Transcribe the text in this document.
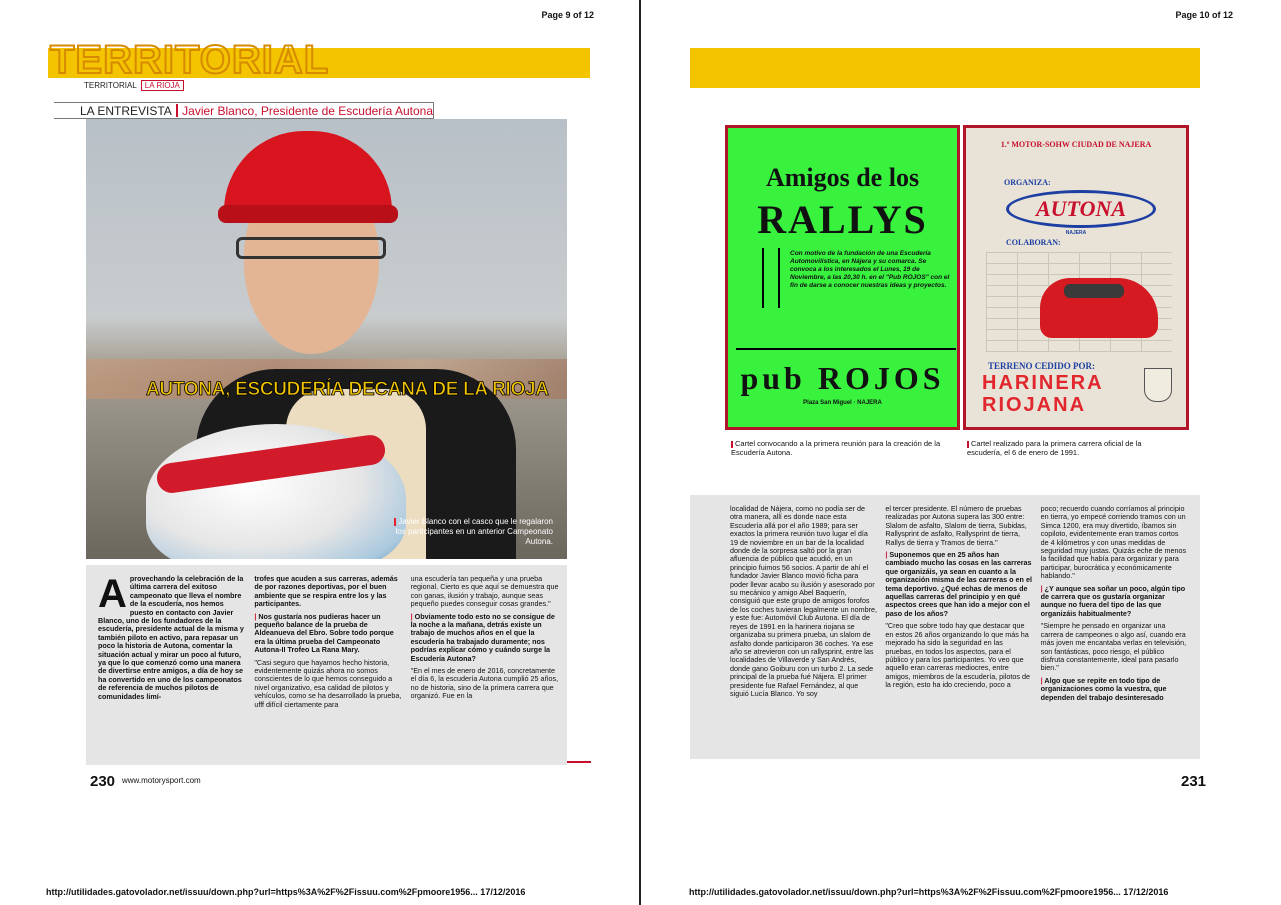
Page 9 of 12
TERRITORIAL
TERRITORIAL	LA RIOJA
LA ENTREVISTA Javier Blanco, Presidente de Escudería Autona
AUTONA, ESCUDERÍA DECANA DE LA RIOJA
Javier Blanco con el casco que le regalaron los participantes en un anterior Campeonato Autona.
A provechando la celebración de la última carrera del exitoso campeonato que lleva el nombre de la escudería, nos hemos puesto en contacto con Javier Blanco, uno de los fundadores de la escudería, presidente actual de la misma y también piloto en activo, para repasar un poco la historia de Autona, comentar la situación actual y mirar un poco al futuro, ya que lo que comenzó como una manera de divertirse entre amigos, a día de hoy se ha convertido en uno de los campeonatos de referencia de muchos pilotos de comunidades limí-

trofes que acuden a sus carreras, además de por razones deportivas, por el buen ambiente que se respira entre los y las participantes.

| Nos gustaría nos pudieras hacer un pequeño balance de la prueba de Aldeanueva del Ebro. Sobre todo porque era la última prueba del Campeonato Autona-II Trofeo La Rana Mary.

"Casi seguro que hayamos hecho historia, evidentemente quizás ahora no somos conscientes de lo que hemos conseguido a nivel organizativo, esa calidad de pilotos y vehículos, como se ha desarrollado la prueba, ufff difícil ciertamente para

una escudería tan pequeña y una prueba regional. Cierto es que aquí se demuestra que con ganas, ilusión y trabajo, aunque seas pequeño puedes conseguir cosas grandes."

| Obviamente todo esto no se consigue de la noche a la mañana, detrás existe un trabajo de muchos años en el que la escudería ha trabajado duramente; nos podrías explicar cómo y cuándo surge la Escudería Autona?

"En el mes de enero de 2016, concretamente el día 6, la escudería Autona cumplió 25 años, no de historia, sino de la primera carrera que organizó. Fue en la

230 www.motorysport.com
http://utilidades.gatovolador.net/issuu/down.php?url=https%3A%2F%2Fissuu.com%2Fpmoore1956... 17/12/2016
Page 10 of 12
Amigos de los
RALLYS
Con motivo de la fundación de una Escudería Automovilística, en Nájera y su comarca. Se convoca a los interesados el Lunes, 19 de Noviembre, a las 20,30 h. en el "Pub ROJOS" con el fin de darse a conocer nuestras ideas y proyectos.
pub ROJOS
Plaza San Miguel · NAJERA
1.º MOTOR-SOHW CIUDAD DE NAJERA
ORGANIZA:
AUTONA
NAJERA
COLABORAN:
TERRENO CEDIDO POR:
HARINERA
RIOJANA
Cartel convocando a la primera reunión para la creación de la Escudería Autona.
Cartel realizado para la primera carrera oficial de la escudería, el 6 de enero de 1991.

localidad de Nájera, como no podía ser de otra manera, allí es donde nace esta Escudería allá por el año 1989; para ser exactos la primera reunión tuvo lugar el día 19 de noviembre en un bar de la localidad donde de la sorpresa saltó por la gran afluencia de público que acudió, en un principio fuimos 56 socios. A partir de ahí el fundador Javier Blanco movió ficha para poder llevar acabo su ilusión y asesorado por su mecánico y amigo Abel Baquerín, consiguió que este grupo de amigos forofos de los coches tuvieran legalmente un nombre, y este fue: Automóvil Club Autona. El día de reyes de 1991 en la harinera riojana se organizaba su primera prueba, un slalom de asfalto donde participaron 36 coches. Ya ese año se atrevieron con un rallysprint, entre las localidades de Villaverde y San Andrés, donde gano Goiburu con un turbo 2. La sede principal de la prueba fué Nájera. El primer presidente fue Rafael Fernández, al que siguió Lucía Blanco. Yo soy

el tercer presidente. El número de pruebas realizadas por Autona supera las 300 entre: Slalom de asfalto, Slalom de tierra, Subidas, Rallysprint de asfalto, Rallysprint de tierra, Rallys de tierra y Tramos de tierra."

| Suponemos que en 25 años han cambiado mucho las cosas en las carreras que organizáis, ya sean en cuanto a la organización misma de las carreras o en el tema deportivo. ¿Qué echas de menos de aquellas carreras del principio y en qué aspectos crees que han ido a mejor con el paso de los años?

"Creo que sobre todo hay que destacar que en estos 26 años organizando lo que más ha mejorado ha sido la seguridad en las pruebas, en todos los aspectos, para el público y para los participantes. Yo veo que aquello eran carreras mediocres, entre amigos, miembros de la escudería, pilotos de la región, esto ha ido creciendo, poco a

poco; recuerdo cuando corríamos al principio en tierra, yo empecé corriendo tramos con un Simca 1200, era muy divertido, íbamos sin copiloto, evidentemente eran tramos cortos de 4 kilómetros y con unas medidas de seguridad muy justas. Quizás eche de menos la facilidad que había para organizar y para participar, burocrática y económicamente hablando."

| ¿Y aunque sea soñar un poco, algún tipo de carrera que os gustaría organizar aunque no fuera del tipo de las que organizáis habitualmente?

"Siempre he pensado en organizar una carrera de campeones o algo así, cuando era más joven me encantaba verlas en televisión, son fantásticas, poco riesgo, el público disfruta constantemente, ideal para pasarlo bien."

| Algo que se repite en todo tipo de organizaciones como la vuestra, que dependen del trabajo desinteresado

231
http://utilidades.gatovolador.net/issuu/down.php?url=https%3A%2F%2Fissuu.com%2Fpmoore1956... 17/12/2016
